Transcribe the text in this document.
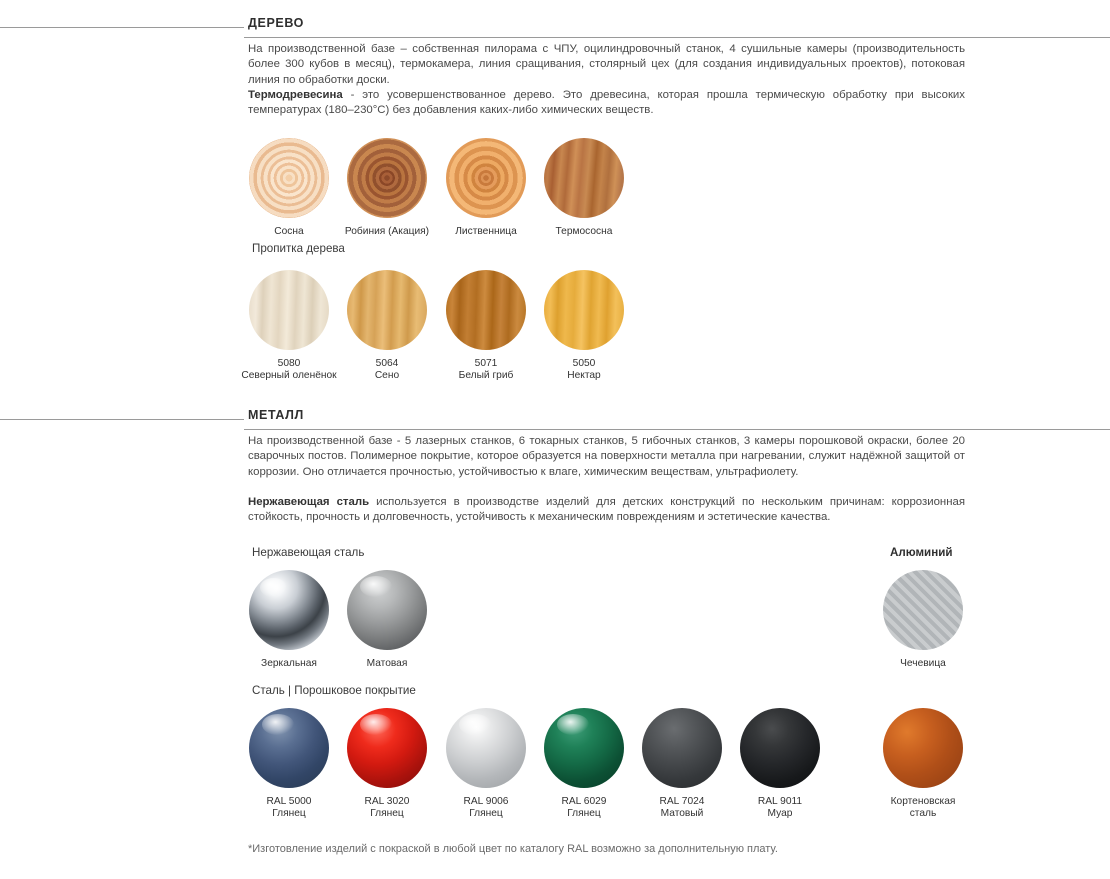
ДЕРЕВО
На производственной базе – собственная пилорама с ЧПУ, оцилиндровочный станок, 4 сушильные камеры (производительность более 300 кубов в месяц), термокамера, линия сращивания, столярный цех (для создания индивидуальных проектов), потоковая линия по обработки доски.
Термодревесина - это усовершенствованное дерево. Это древесина, которая прошла термическую обработку при высоких температурах (180–230°C) без добавления каких-либо химических веществ.
Сосна	Робиния (Акация)	Лиственница	Термососна
Пропитка дерева
5080
Северный оленёнок
5064
Сено
5071
Белый гриб
5050
Нектар
МЕТАЛЛ
На производственной базе - 5 лазерных станков, 6 токарных станков, 5 гибочных станков, 3 камеры порошковой окраски, более 20 сварочных постов. Полимерное покрытие, которое образуется на поверхности металла при нагревании, служит надёжной защитой от коррозии. Оно отличается прочностью, устойчивостью к влаге, химическим веществам, ультрафиолету.
Нержавеющая сталь используется в производстве изделий для детских конструкций по нескольким причинам: коррозионная стойкость, прочность и долговечность, устойчивость к механическим повреждениям и эстетические качества.
Нержавеющая сталь	Алюминий
Зеркальная	Матовая	Чечевица
Сталь | Порошковое покрытие
RAL 5000
Глянец
RAL 3020
Глянец
RAL 9006
Глянец
RAL 6029
Глянец
RAL 7024
Матовый
RAL 9011
Муар
Кортеновская
сталь
*Изготовление изделий с покраской в любой цвет по каталогу RAL возможно за дополнительную плату.
